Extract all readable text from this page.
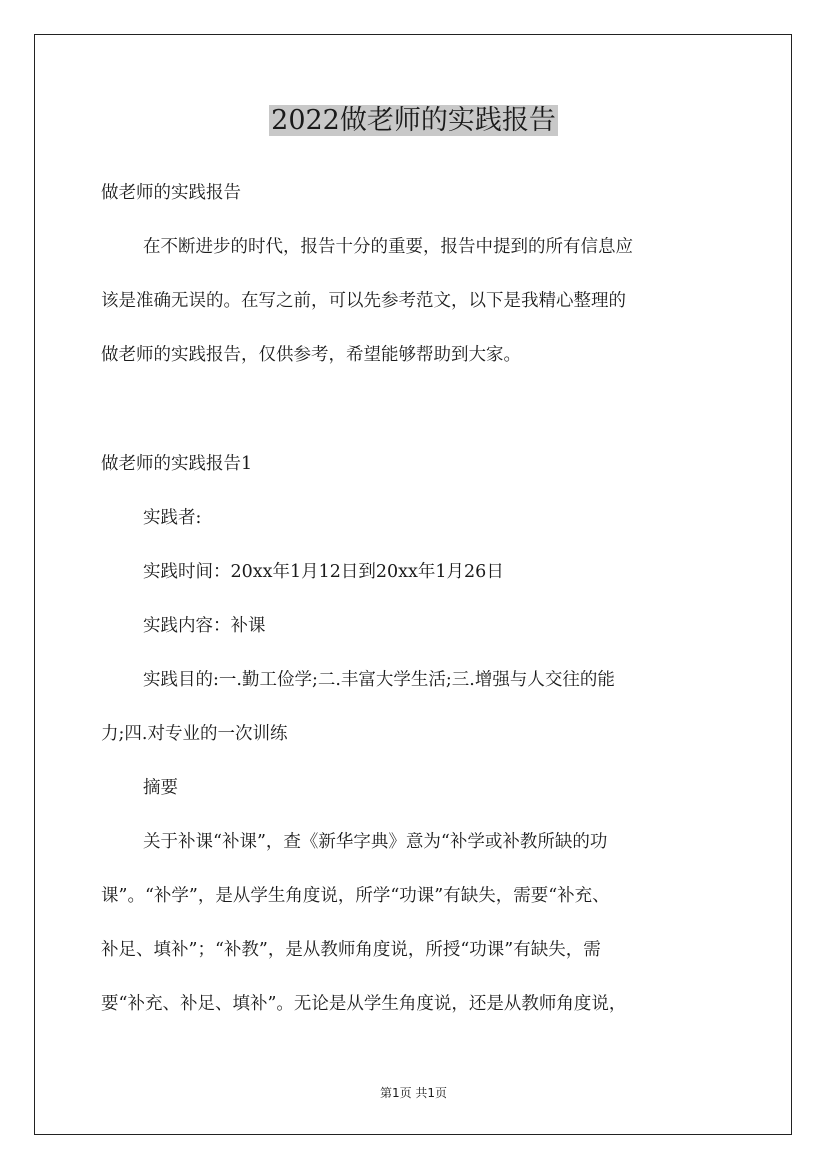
2022做老师的实践报告
做老师的实践报告
在不断进步的时代，报告十分的重要，报告中提到的所有信息应
该是准确无误的。在写之前，可以先参考范文，以下是我精心整理的
做老师的实践报告，仅供参考，希望能够帮助到大家。
做老师的实践报告1
实践者:
实践时间：20xx年1月12日到20xx年1月26日
实践内容：补课
实践目的:一.勤工俭学;二.丰富大学生活;三.增强与人交往的能
力;四.对专业的一次训练
摘要
关于补课“补课”，查《新华字典》意为“补学或补教所缺的功
课”。“补学”，是从学生角度说，所学“功课”有缺失，需要“补充、
补足、填补”；“补教”，是从教师角度说，所授“功课”有缺失，需
要“补充、补足、填补”。无论是从学生角度说，还是从教师角度说，
第1页 共1页
